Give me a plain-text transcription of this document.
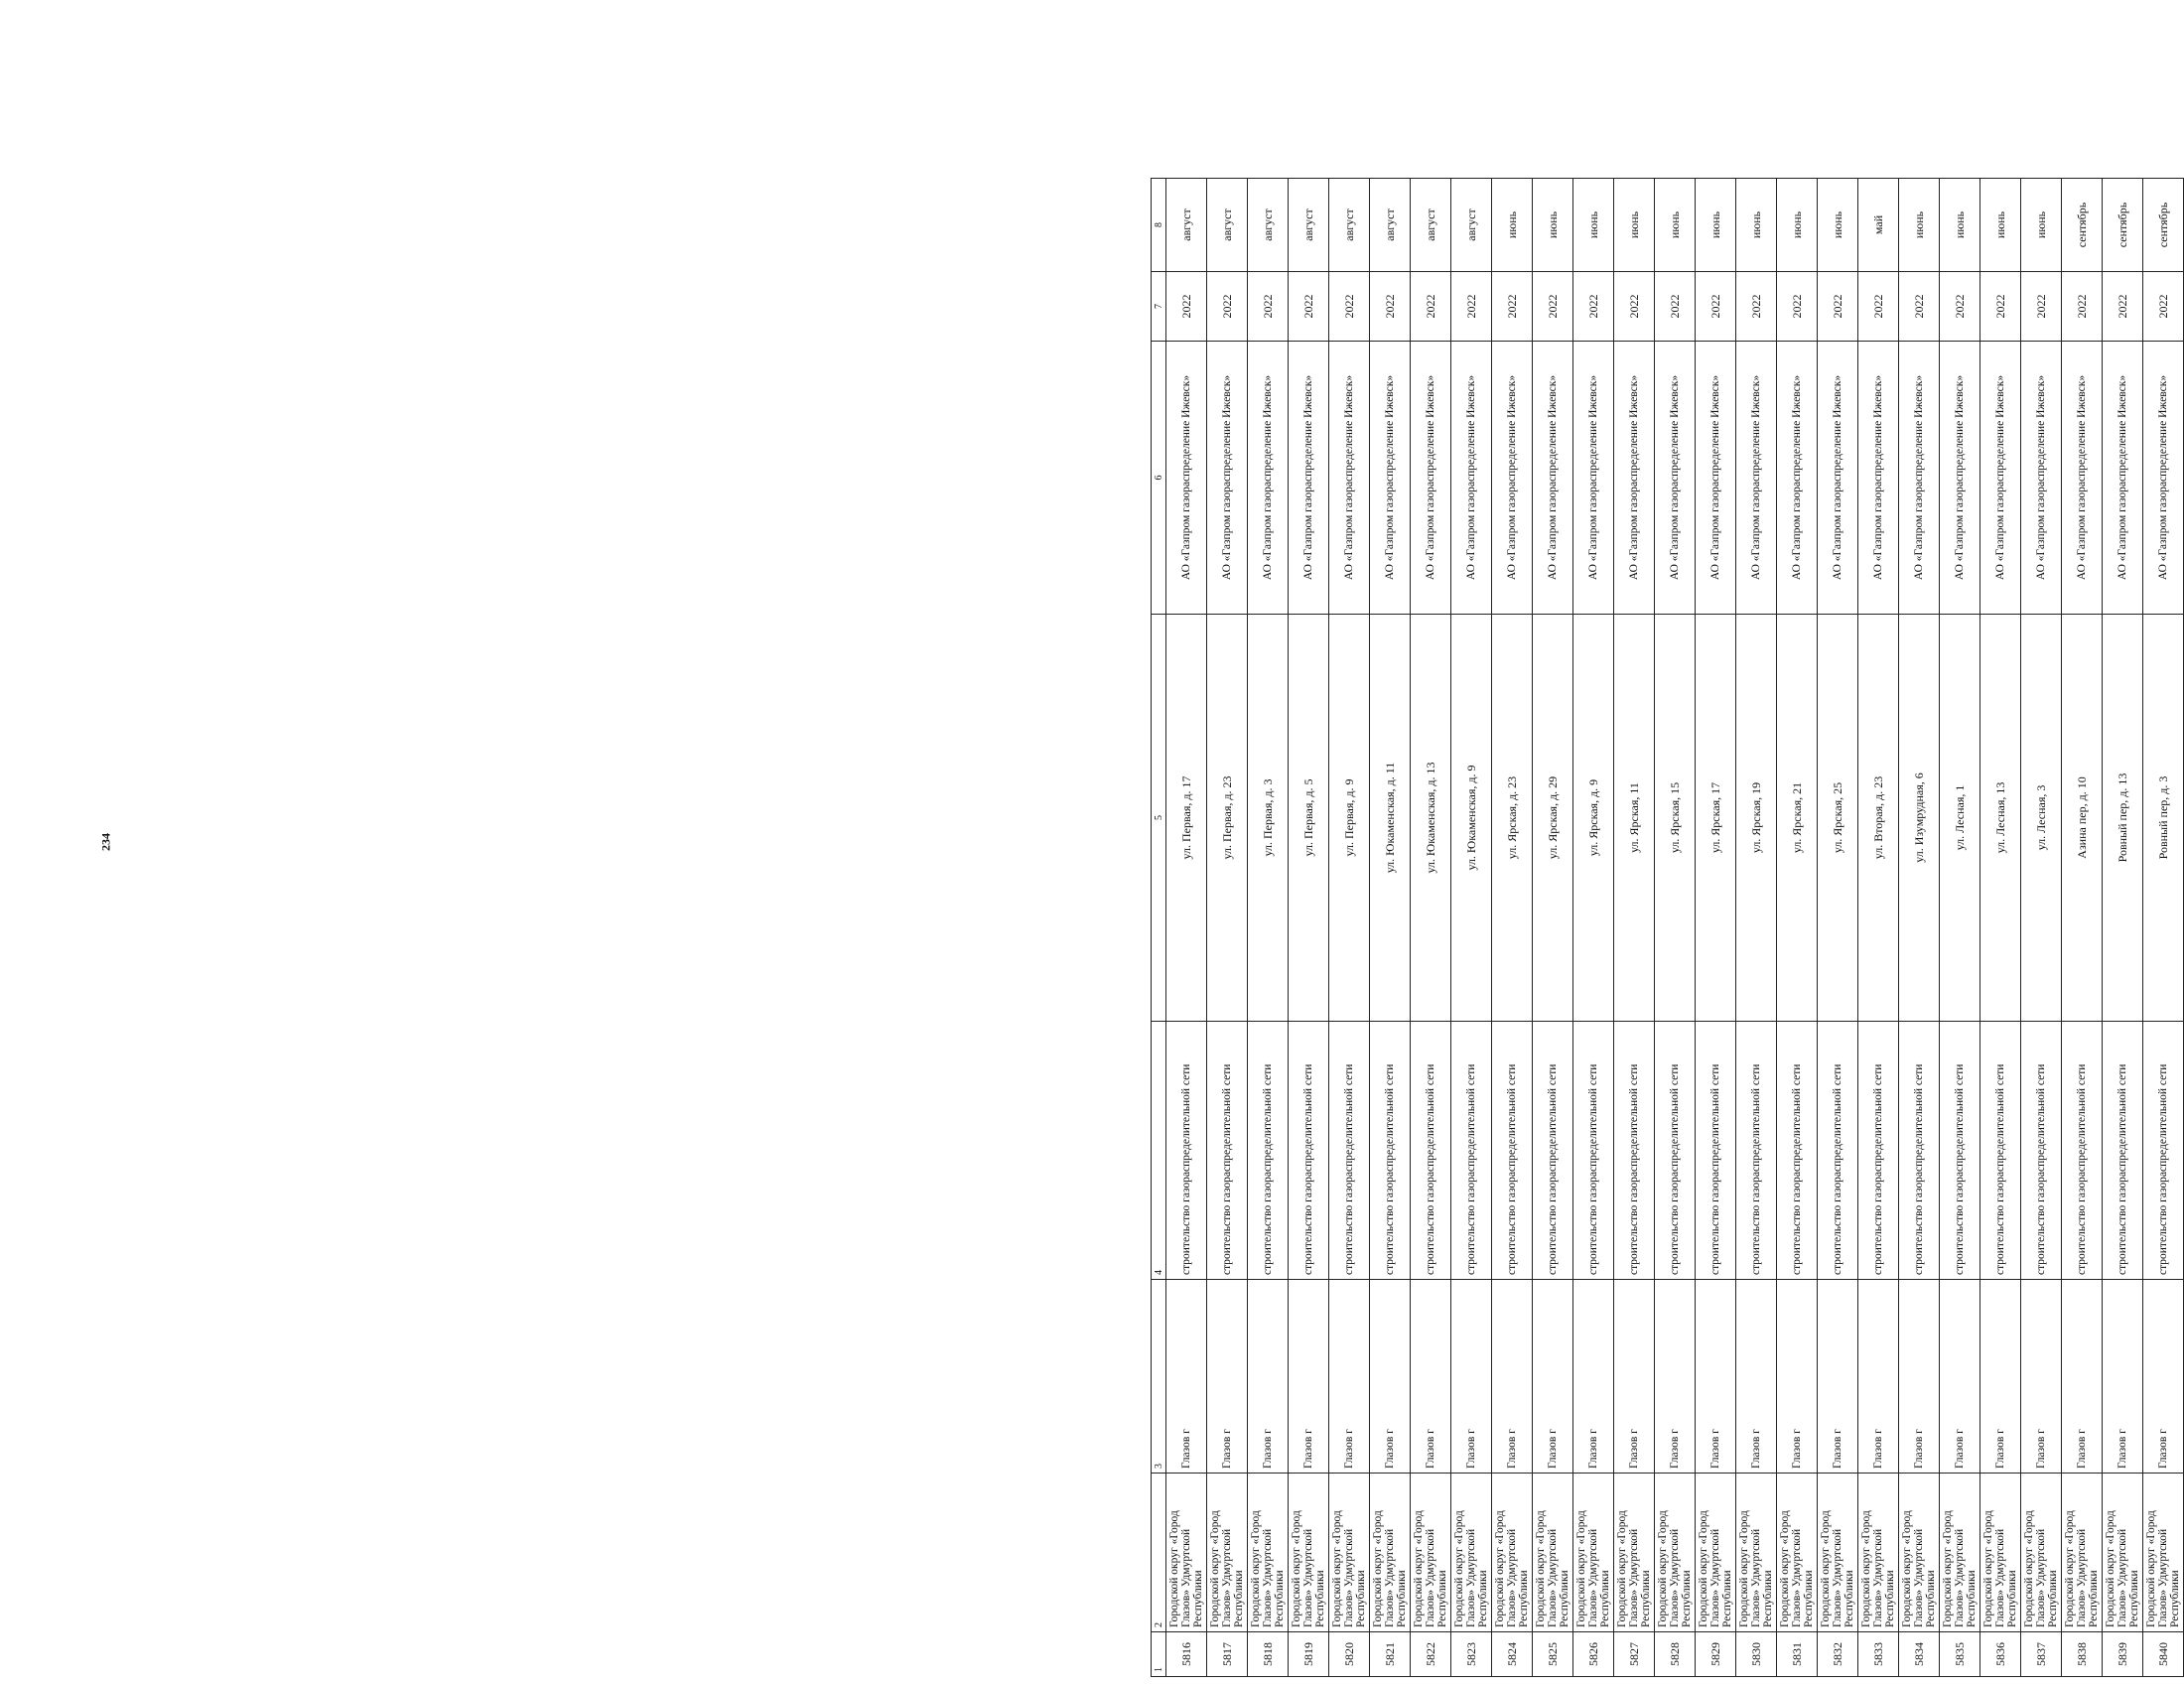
234
1	2	3	4	5	6	7	8
5816	Городской округ «Город Глазов» Удмуртской Республики	Глазов г	строительство газораспределительной сети	ул. Первая, д. 17	АО «Газпром газораспределение Ижевск»	2022	август
5817	Городской округ «Город Глазов» Удмуртской Республики	Глазов г	строительство газораспределительной сети	ул. Первая, д. 23	АО «Газпром газораспределение Ижевск»	2022	август
5818	Городской округ «Город Глазов» Удмуртской Республики	Глазов г	строительство газораспределительной сети	ул. Первая, д. 3	АО «Газпром газораспределение Ижевск»	2022	август
5819	Городской округ «Город Глазов» Удмуртской Республики	Глазов г	строительство газораспределительной сети	ул. Первая, д. 5	АО «Газпром газораспределение Ижевск»	2022	август
5820	Городской округ «Город Глазов» Удмуртской Республики	Глазов г	строительство газораспределительной сети	ул. Первая, д. 9	АО «Газпром газораспределение Ижевск»	2022	август
5821	Городской округ «Город Глазов» Удмуртской Республики	Глазов г	строительство газораспределительной сети	ул. Юкаменская, д. 11	АО «Газпром газораспределение Ижевск»	2022	август
5822	Городской округ «Город Глазов» Удмуртской Республики	Глазов г	строительство газораспределительной сети	ул. Юкаменская, д. 13	АО «Газпром газораспределение Ижевск»	2022	август
5823	Городской округ «Город Глазов» Удмуртской Республики	Глазов г	строительство газораспределительной сети	ул. Юкаменская, д. 9	АО «Газпром газораспределение Ижевск»	2022	август
5824	Городской округ «Город Глазов» Удмуртской Республики	Глазов г	строительство газораспределительной сети	ул. Ярская, д. 23	АО «Газпром газораспределение Ижевск»	2022	июнь
5825	Городской округ «Город Глазов» Удмуртской Республики	Глазов г	строительство газораспределительной сети	ул. Ярская, д. 29	АО «Газпром газораспределение Ижевск»	2022	июнь
5826	Городской округ «Город Глазов» Удмуртской Республики	Глазов г	строительство газораспределительной сети	ул. Ярская, д. 9	АО «Газпром газораспределение Ижевск»	2022	июнь
5827	Городской округ «Город Глазов» Удмуртской Республики	Глазов г	строительство газораспределительной сети	ул. Ярская, 11	АО «Газпром газораспределение Ижевск»	2022	июнь
5828	Городской округ «Город Глазов» Удмуртской Республики	Глазов г	строительство газораспределительной сети	ул. Ярская, 15	АО «Газпром газораспределение Ижевск»	2022	июнь
5829	Городской округ «Город Глазов» Удмуртской Республики	Глазов г	строительство газораспределительной сети	ул. Ярская, 17	АО «Газпром газораспределение Ижевск»	2022	июнь
5830	Городской округ «Город Глазов» Удмуртской Республики	Глазов г	строительство газораспределительной сети	ул. Ярская, 19	АО «Газпром газораспределение Ижевск»	2022	июнь
5831	Городской округ «Город Глазов» Удмуртской Республики	Глазов г	строительство газораспределительной сети	ул. Ярская, 21	АО «Газпром газораспределение Ижевск»	2022	июнь
5832	Городской округ «Город Глазов» Удмуртской Республики	Глазов г	строительство газораспределительной сети	ул. Ярская, 25	АО «Газпром газораспределение Ижевск»	2022	июнь
5833	Городской округ «Город Глазов» Удмуртской Республики	Глазов г	строительство газораспределительной сети	ул. Вторая, д. 23	АО «Газпром газораспределение Ижевск»	2022	май
5834	Городской округ «Город Глазов» Удмуртской Республики	Глазов г	строительство газораспределительной сети	ул. Изумрудная, 6	АО «Газпром газораспределение Ижевск»	2022	июнь
5835	Городской округ «Город Глазов» Удмуртской Республики	Глазов г	строительство газораспределительной сети	ул. Лесная, 1	АО «Газпром газораспределение Ижевск»	2022	июнь
5836	Городской округ «Город Глазов» Удмуртской Республики	Глазов г	строительство газораспределительной сети	ул. Лесная, 13	АО «Газпром газораспределение Ижевск»	2022	июнь
5837	Городской округ «Город Глазов» Удмуртской Республики	Глазов г	строительство газораспределительной сети	ул. Лесная, 3	АО «Газпром газораспределение Ижевск»	2022	июнь
5838	Городской округ «Город Глазов» Удмуртской Республики	Глазов г	строительство газораспределительной сети	Азина пер, д. 10	АО «Газпром газораспределение Ижевск»	2022	сентябрь
5839	Городской округ «Город Глазов» Удмуртской Республики	Глазов г	строительство газораспределительной сети	Ровный пер, д. 13	АО «Газпром газораспределение Ижевск»	2022	сентябрь
5840	Городской округ «Город Глазов» Удмуртской Республики	Глазов г	строительство газораспределительной сети	Ровный пер, д. 3	АО «Газпром газораспределение Ижевск»	2022	сентябрь
